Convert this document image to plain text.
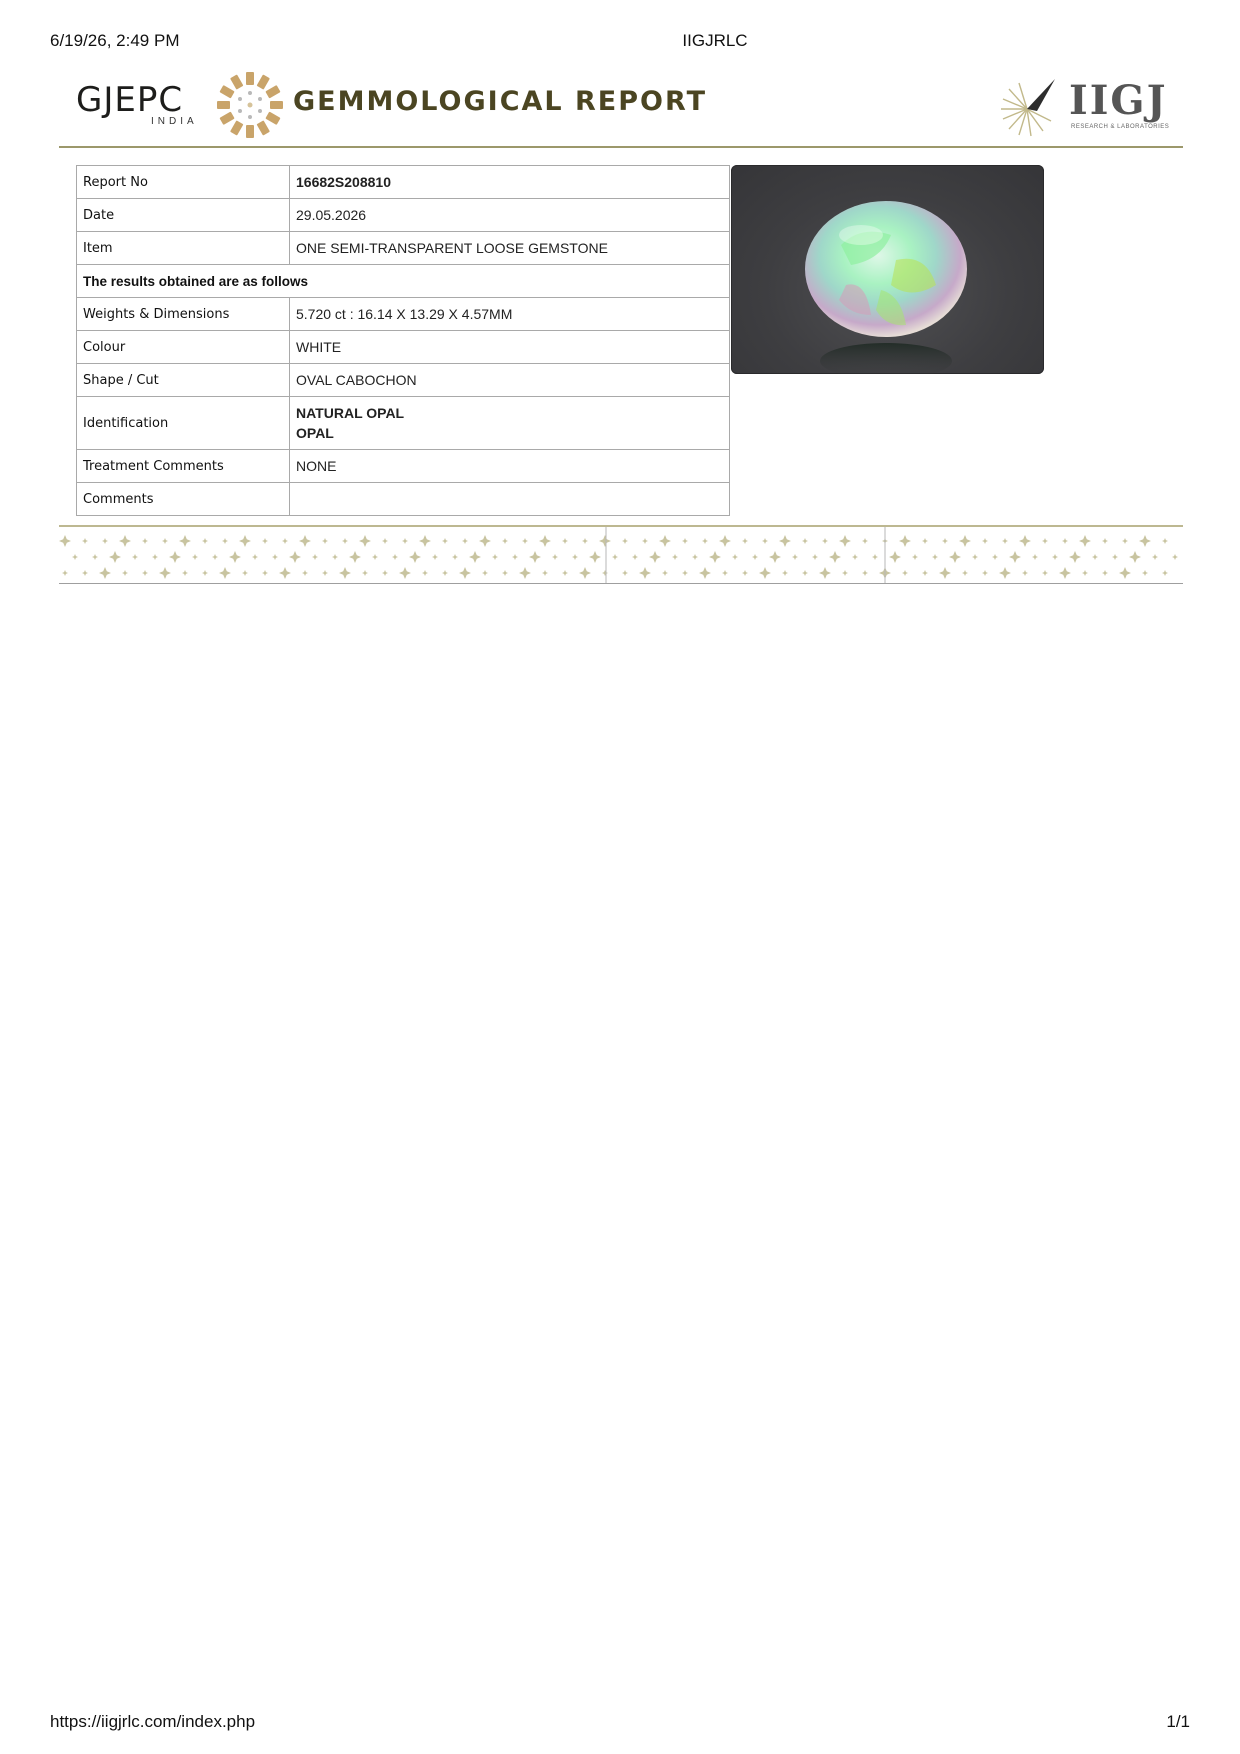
6/19/26, 2:49 PM	IIGJRLC
GJEPC
INDIA
GEMMOLOGICAL REPORT	IIGJ
RESEARCH & LABORATORIES
Report No	16682S208810
Date	29.05.2026
Item	ONE SEMI-TRANSPARENT LOOSE GEMSTONE
The results obtained are as follows	
Weights & Dimensions	5.720 ct : 16.14 X 13.29 X 4.57MM
Colour	WHITE
Shape / Cut	OVAL CABOCHON
Identification	NATURAL OPAL
OPAL

Treatment Comments	NONE
Comments	
https://iigjrlc.com/index.php	1/1
